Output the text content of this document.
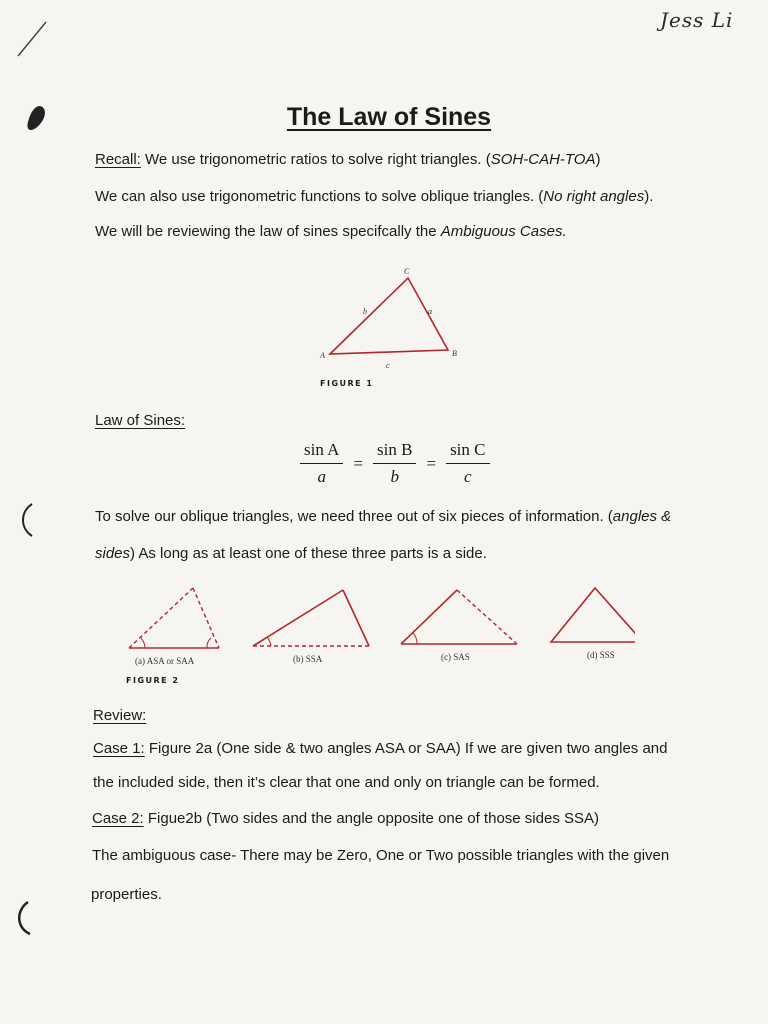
Jess Li
The Law of Sines
Recall: We use trigonometric ratios to solve right triangles. (SOH-CAH-TOA)
We can also use trigonometric functions to solve oblique triangles. (No right angles).
We will be reviewing the law of sines specifcally the Ambiguous Cases.
A	B
C
a
b
c
FIGURE 1
Law of Sines:
$\frac{\text{sin A}}{a} = \frac{\text{sin B}}{b} = \frac{\text{sin C}}{c}$
To solve our oblique triangles, we need three out of six pieces of information. (angles &
sides) As long as at least one of these three parts is a side.
(a) ASA or SAA	(b) SSA	(c) SAS	(d) SSS
FIGURE 2
Review:
Case 1: Figure 2a (One side & two angles ASA or SAA) If we are given two angles and
the included side, then it’s clear that one and only on triangle can be formed.
Case 2: Figue2b (Two sides and the angle opposite one of those sides SSA)
The ambiguous case- There may be Zero, One or Two possible triangles with the given
properties.
